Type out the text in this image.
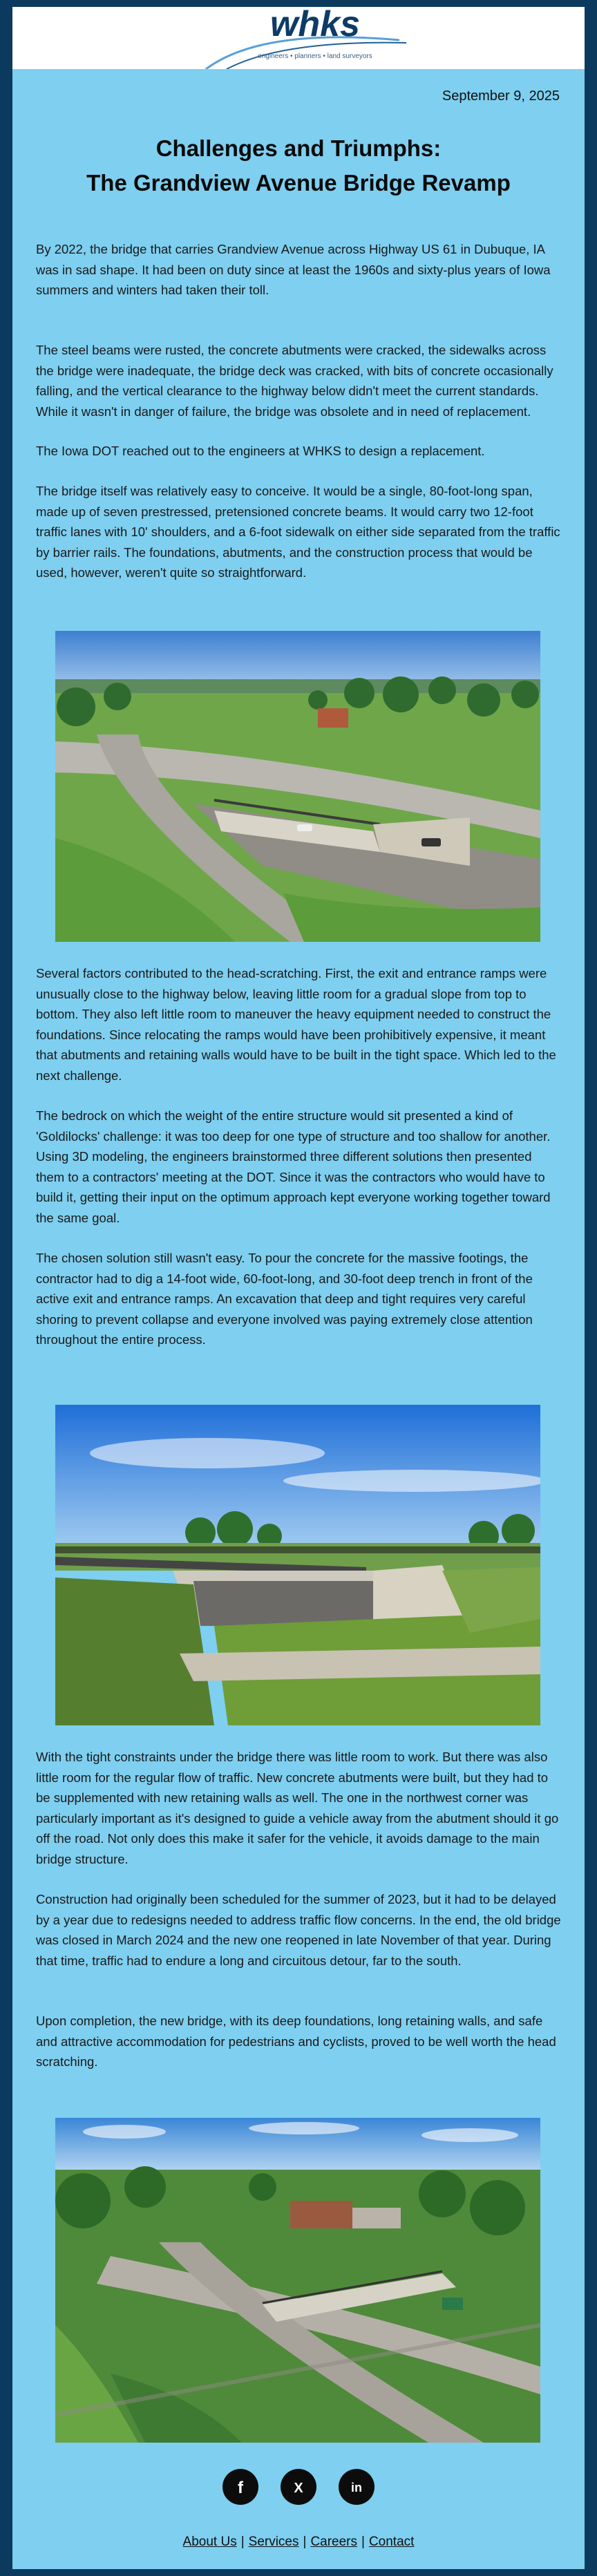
whks
engineers • planners • land surveyors
September 9, 2025
Challenges and Triumphs:
The Grandview Avenue Bridge Revamp

By 2022, the bridge that carries Grandview Avenue across Highway US 61 in Dubuque, IA was in sad shape. It had been on duty since at least the 1960s and sixty-plus years of Iowa summers and winters had taken their toll.

The steel beams were rusted, the concrete abutments were cracked, the sidewalks across the bridge were inadequate, the bridge deck was cracked, with bits of concrete occasionally falling, and the vertical clearance to the highway below didn't meet the current standards. While it wasn't in danger of failure, the bridge was obsolete and in need of replacement.

The Iowa DOT reached out to the engineers at WHKS to design a replacement.

The bridge itself was relatively easy to conceive. It would be a single, 80-foot-long span, made up of seven prestressed, pretensioned concrete beams. It would carry two 12-foot traffic lanes with 10' shoulders, and a 6-foot sidewalk on either side separated from the traffic by barrier rails. The foundations, abutments, and the construction process that would be used, however, weren't quite so straightforward.

Several factors contributed to the head-scratching. First, the exit and entrance ramps were unusually close to the highway below, leaving little room for a gradual slope from top to bottom. They also left little room to maneuver the heavy equipment needed to construct the foundations. Since relocating the ramps would have been prohibitively expensive, it meant that abutments and retaining walls would have to be built in the tight space. Which led to the next challenge.

The bedrock on which the weight of the entire structure would sit presented a kind of 'Goldilocks' challenge: it was too deep for one type of structure and too shallow for another. Using 3D modeling, the engineers brainstormed three different solutions then presented them to a contractors' meeting at the DOT. Since it was the contractors who would have to build it, getting their input on the optimum approach kept everyone working together toward the same goal.

The chosen solution still wasn't easy. To pour the concrete for the massive footings, the contractor had to dig a 14-foot wide, 60-foot-long, and 30-foot deep trench in front of the active exit and entrance ramps. An excavation that deep and tight requires very careful shoring to prevent collapse and everyone involved was paying extremely close attention throughout the entire process.

With the tight constraints under the bridge there was little room to work. But there was also little room for the regular flow of traffic. New concrete abutments were built, but they had to be supplemented with new retaining walls as well. The one in the northwest corner was particularly important as it's designed to guide a vehicle away from the abutment should it go off the road. Not only does this make it safer for the vehicle, it avoids damage to the main bridge structure.

Construction had originally been scheduled for the summer of 2023, but it had to be delayed by a year due to redesigns needed to address traffic flow concerns. In the end, the old bridge was closed in March 2024 and the new one reopened in late November of that year. During that time, traffic had to endure a long and circuitous detour, far to the south.

Upon completion, the new bridge, with its deep foundations, long retaining walls, and safe and attractive accommodation for pedestrians and cyclists, proved to be well worth the head scratching.

f
	X
	in
About Us | Services | Careers | Contact
